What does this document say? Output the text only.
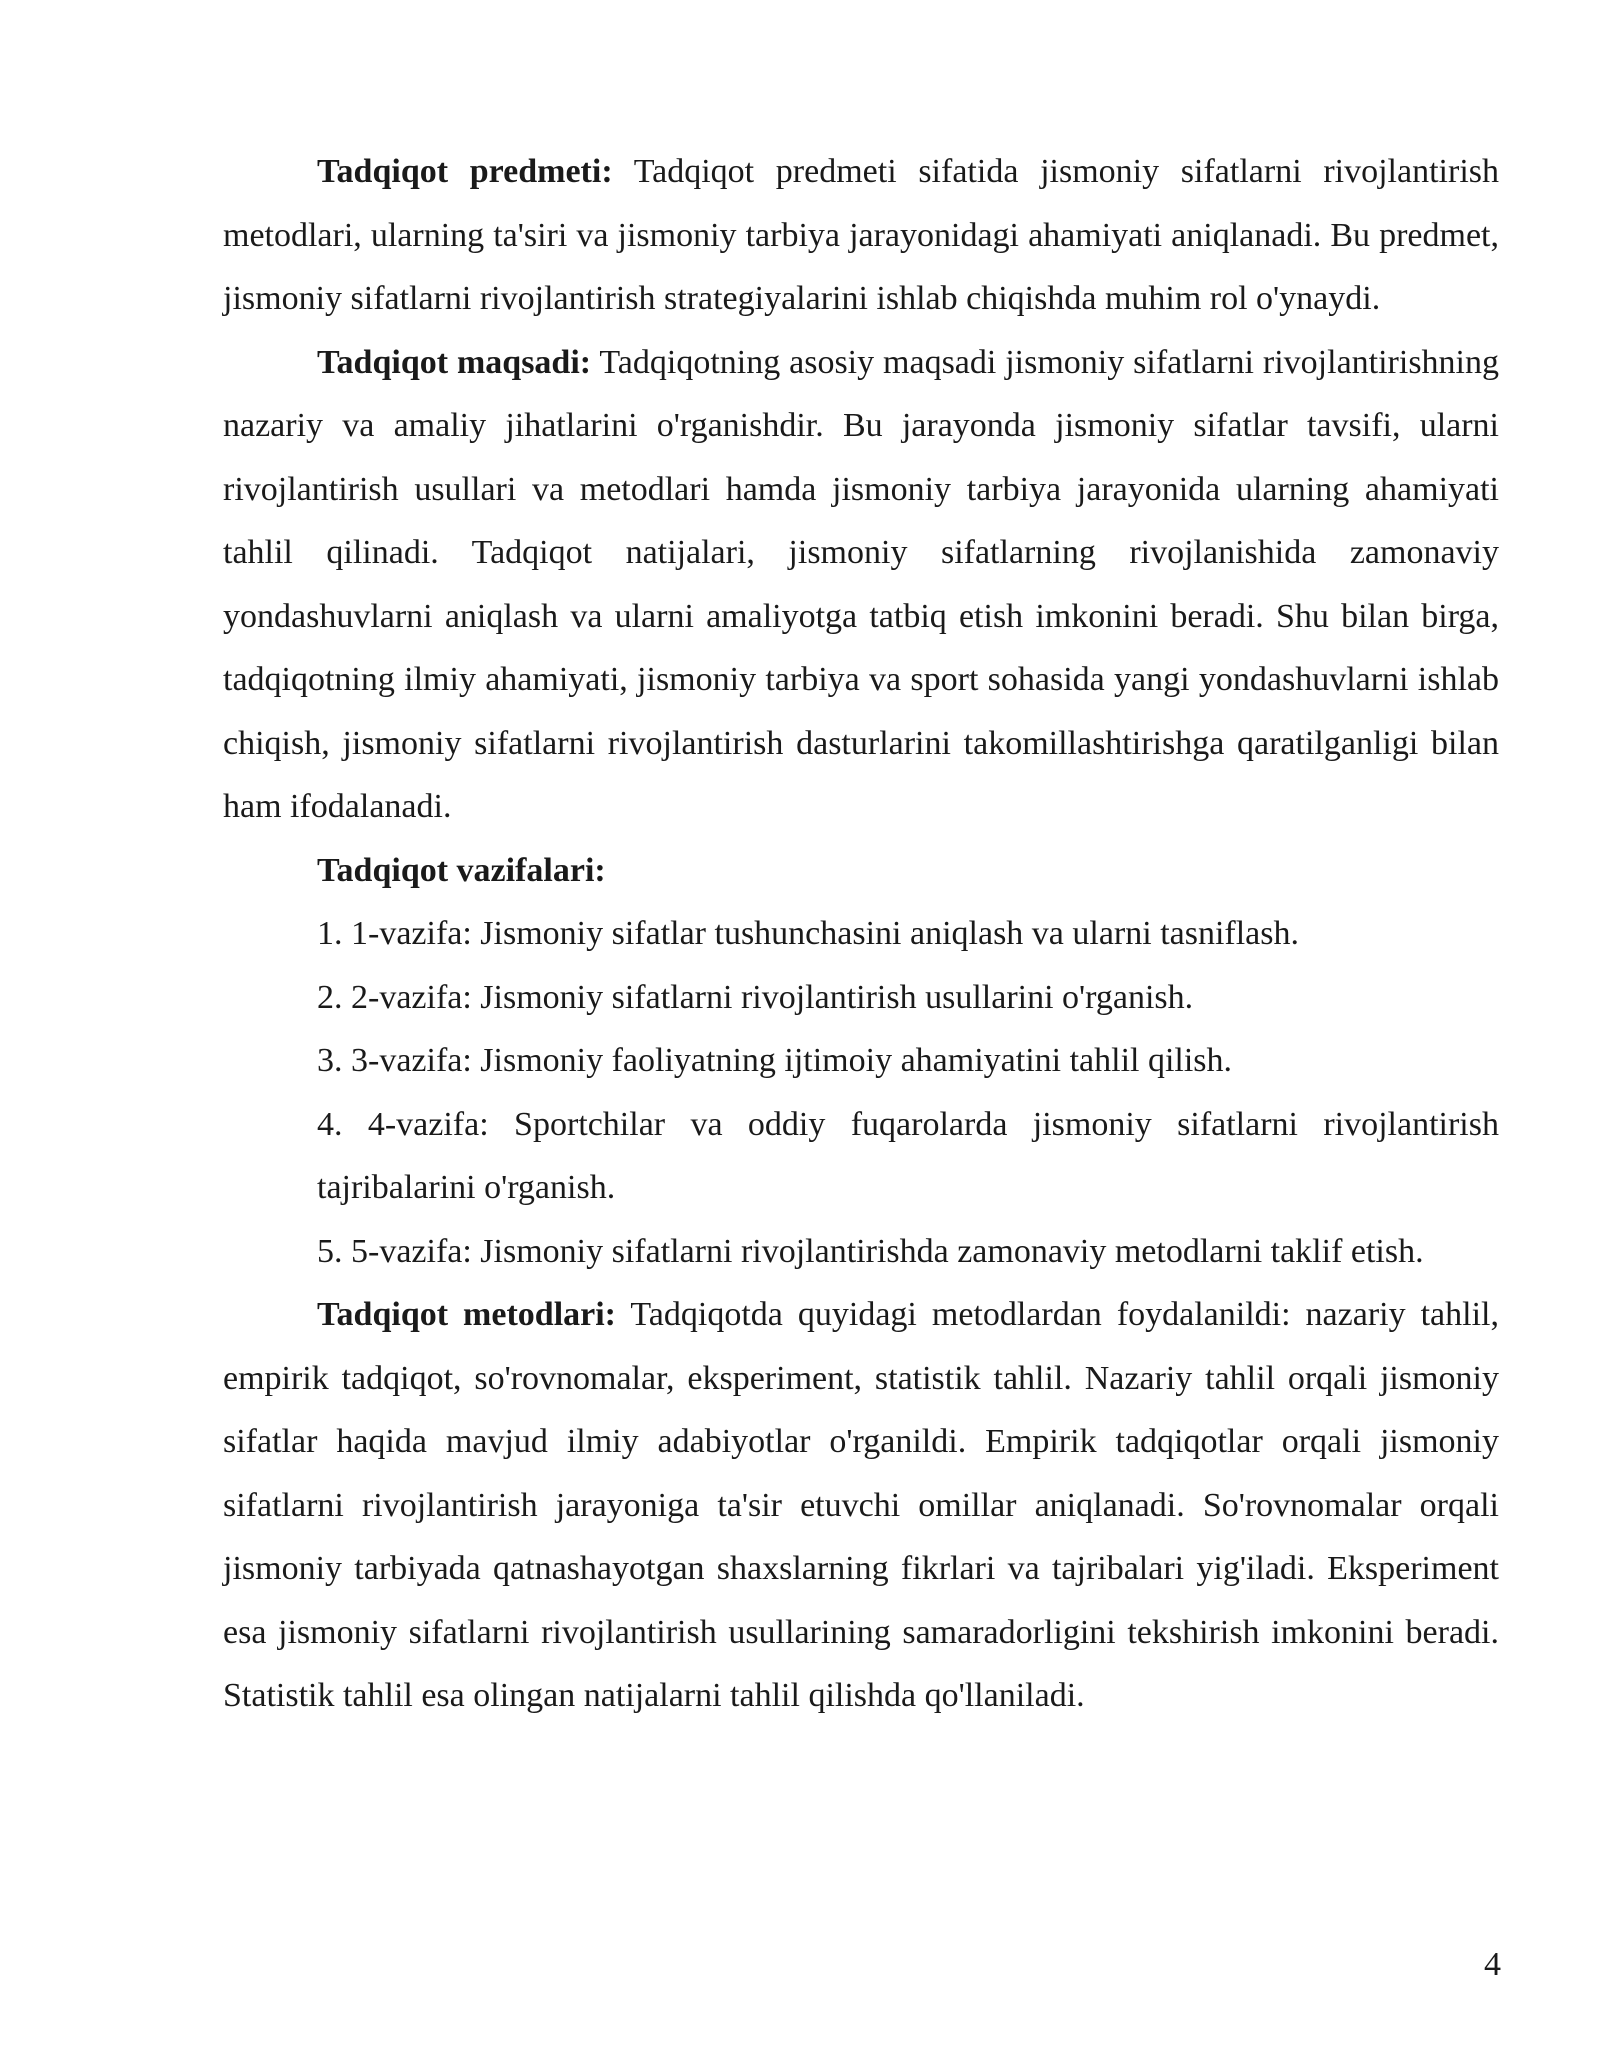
Tadqiqot predmeti: Tadqiqot predmeti sifatida jismoniy sifatlarni rivojlantirish metodlari, ularning ta'siri va jismoniy tarbiya jarayonidagi ahamiyati aniqlanadi. Bu predmet, jismoniy sifatlarni rivojlantirish strategiyalarini ishlab chiqishda muhim rol o'ynaydi.

Tadqiqot maqsadi: Tadqiqotning asosiy maqsadi jismoniy sifatlarni rivojlantirishning nazariy va amaliy jihatlarini o'rganishdir. Bu jarayonda jismoniy sifatlar tavsifi, ularni rivojlantirish usullari va metodlari hamda jismoniy tarbiya jarayonida ularning ahamiyati tahlil qilinadi. Tadqiqot natijalari, jismoniy sifatlarning rivojlanishida zamonaviy yondashuvlarni aniqlash va ularni amaliyotga tatbiq etish imkonini beradi. Shu bilan birga, tadqiqotning ilmiy ahamiyati, jismoniy tarbiya va sport sohasida yangi yondashuvlarni ishlab chiqish, jismoniy sifatlarni rivojlantirish dasturlarini takomillashtirishga qaratilganligi bilan ham ifodalanadi.

Tadqiqot vazifalari:

1. 1-vazifa: Jismoniy sifatlar tushunchasini aniqlash va ularni tasniflash.

2. 2-vazifa: Jismoniy sifatlarni rivojlantirish usullarini o'rganish.

3. 3-vazifa: Jismoniy faoliyatning ijtimoiy ahamiyatini tahlil qilish.

4. 4-vazifa: Sportchilar va oddiy fuqarolarda jismoniy sifatlarni rivojlantirish tajribalarini o'rganish.

5. 5-vazifa: Jismoniy sifatlarni rivojlantirishda zamonaviy metodlarni taklif etish.

Tadqiqot metodlari: Tadqiqotda quyidagi metodlardan foydalanildi: nazariy tahlil, empirik tadqiqot, so'rovnomalar, eksperiment, statistik tahlil. Nazariy tahlil orqali jismoniy sifatlar haqida mavjud ilmiy adabiyotlar o'rganildi. Empirik tadqiqotlar orqali jismoniy sifatlarni rivojlantirish jarayoniga ta'sir etuvchi omillar aniqlanadi. So'rovnomalar orqali jismoniy tarbiyada qatnashayotgan shaxslarning fikrlari va tajribalari yig'iladi. Eksperiment esa jismoniy sifatlarni rivojlantirish usullarining samaradorligini tekshirish imkonini beradi. Statistik tahlil esa olingan natijalarni tahlil qilishda qo'llaniladi.

4
